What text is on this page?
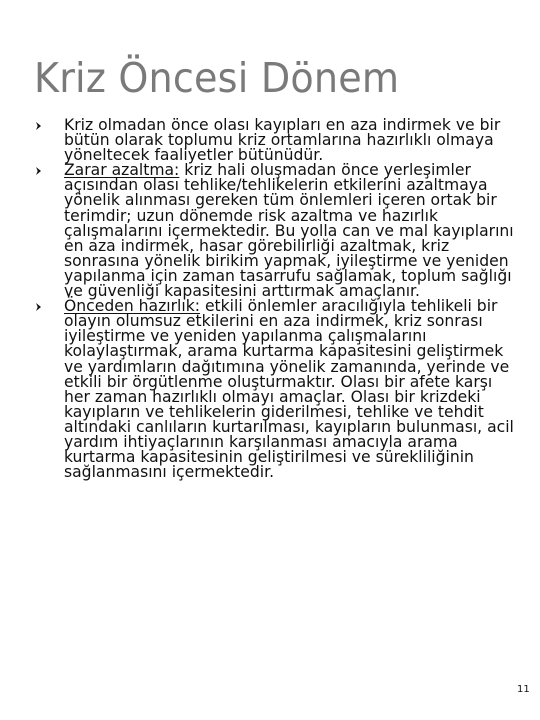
Kriz Öncesi Dönem
Kriz olmadan önce olası kayıpları en aza indirmek ve bir bütün olarak toplumu kriz ortamlarına hazırlıklı olmaya yöneltecek faaliyetler bütünüdür.
Zarar azaltma: kriz hali oluşmadan önce yerleşimler açısından olası tehlike/tehlikelerin etkilerini azaltmaya yönelik alınması gereken tüm önlemleri içeren ortak bir terimdir; uzun dönemde risk azaltma ve hazırlık çalışmalarını içermektedir. Bu yolla can ve mal kayıplarını en aza indirmek, hasar görebilirliği azaltmak, kriz sonrasına yönelik birikim yapmak, iyileştirme ve yeniden yapılanma için zaman tasarrufu sağlamak, toplum sağlığı ve güvenliği kapasitesini arttırmak amaçlanır.
Önceden hazırlık: etkili önlemler aracılığıyla tehlikeli bir olayın olumsuz etkilerini en aza indirmek, kriz sonrası iyileştirme ve yeniden yapılanma çalışmalarını kolaylaştırmak, arama kurtarma kapasitesini geliştirmek ve yardımların dağıtımına yönelik zamanında, yerinde ve etkili bir örgütlenme oluşturmaktır. Olası bir afete karşı her zaman hazırlıklı olmayı amaçlar. Olası bir krizdeki kayıpların ve tehlikelerin giderilmesi, tehlike ve tehdit altındaki canlıların kurtarılması, kayıpların bulunması, acil yardım ihtiyaçlarının karşılanması amacıyla arama kurtarma kapasitesinin geliştirilmesi ve sürekliliğinin sağlanmasını içermektedir.
11
